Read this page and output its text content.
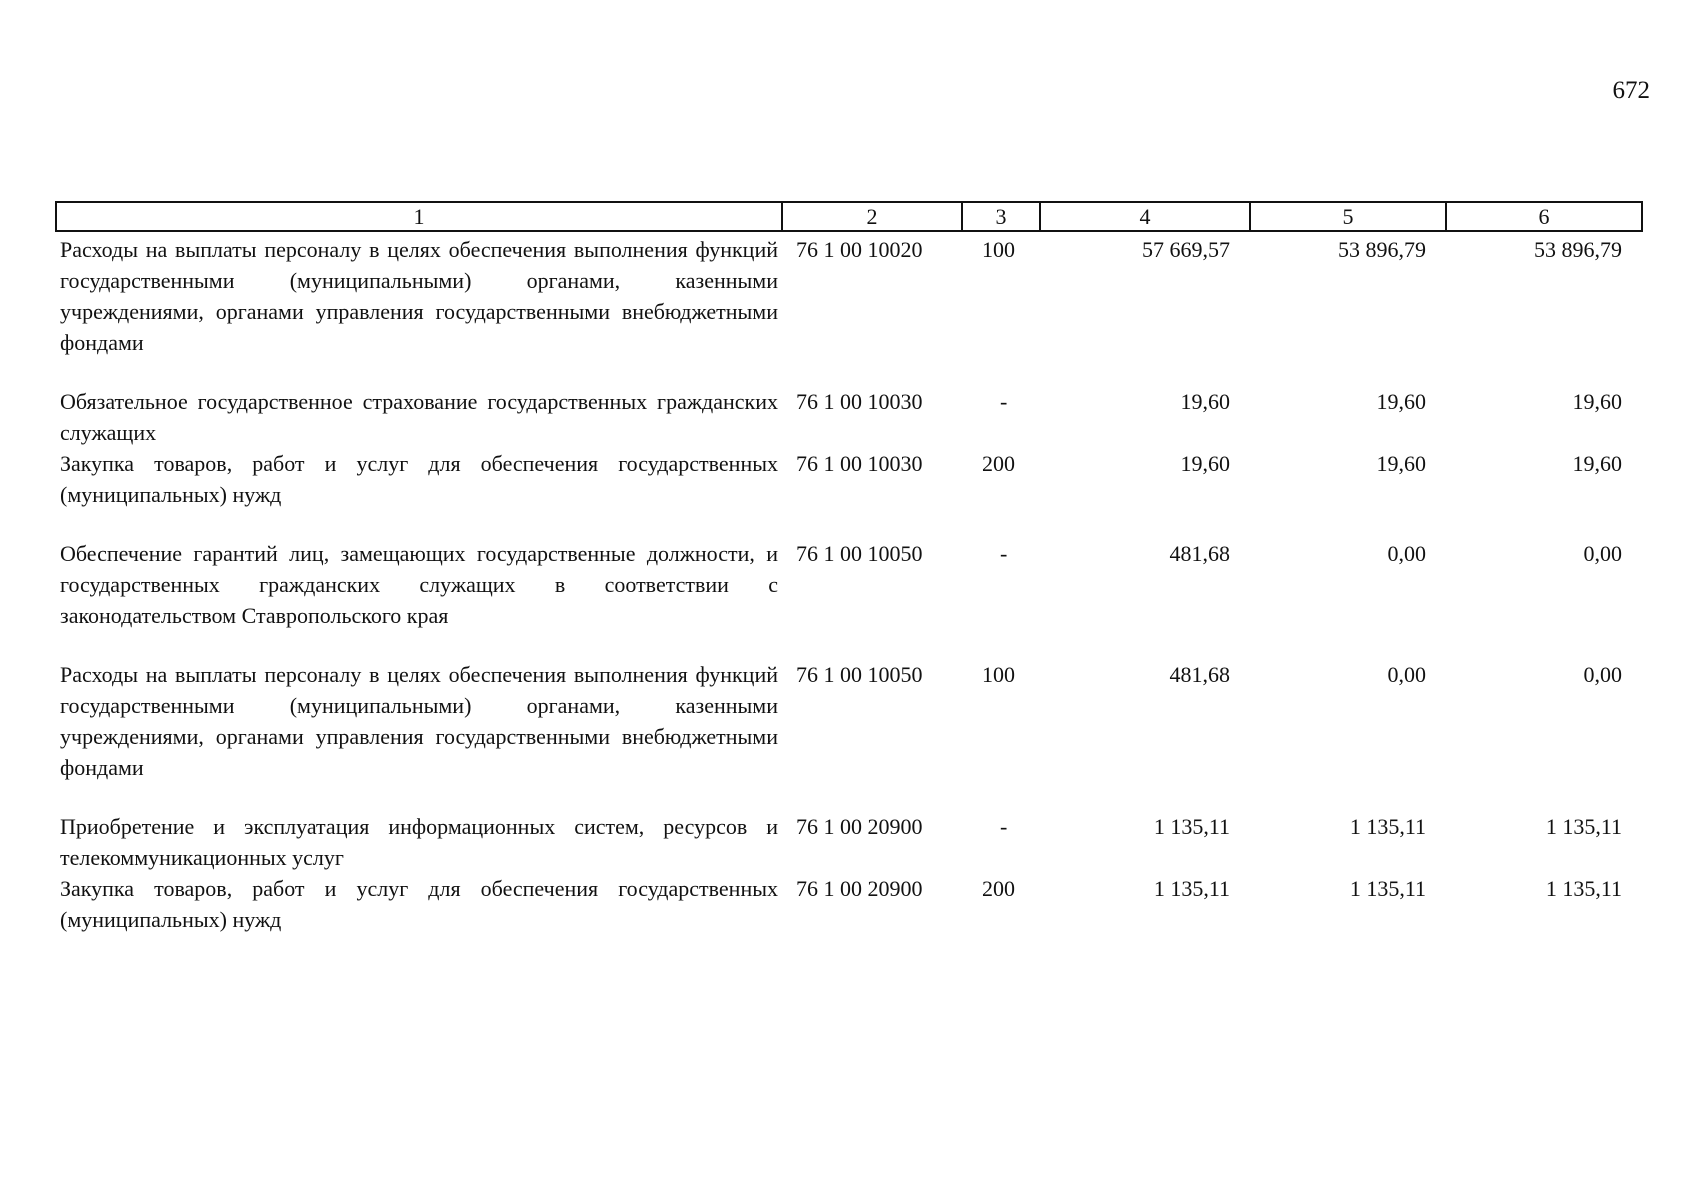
672
1	2	3	4	5	6
Расходы на выплаты персоналу в целях обеспечения выполнения функций государственными (муниципальными) органами, казенными учреждениями, органами управления государственными внебюджетными фондами	76 1 00 10020	100	57 669,57	53 896,79	53 896,79
Обязательное государственное страхование государственных гражданских служащих	76 1 00 10030	-	19,60	19,60	19,60
Закупка товаров, работ и услуг для обеспечения государственных (муниципальных) нужд	76 1 00 10030	200	19,60	19,60	19,60
Обеспечение гарантий лиц, замещающих государственные должности, и государственных гражданских служащих в соответствии с законодательством Ставропольского края	76 1 00 10050	-	481,68	0,00	0,00
Расходы на выплаты персоналу в целях обеспечения выполнения функций государственными (муниципальными) органами, казенными учреждениями, органами управления государственными внебюджетными фондами	76 1 00 10050	100	481,68	0,00	0,00
Приобретение и эксплуатация информационных систем, ресурсов и телекоммуникационных услуг	76 1 00 20900	-	1 135,11	1 135,11	1 135,11
Закупка товаров, работ и услуг для обеспечения государственных (муниципальных) нужд	76 1 00 20900	200	1 135,11	1 135,11	1 135,11
